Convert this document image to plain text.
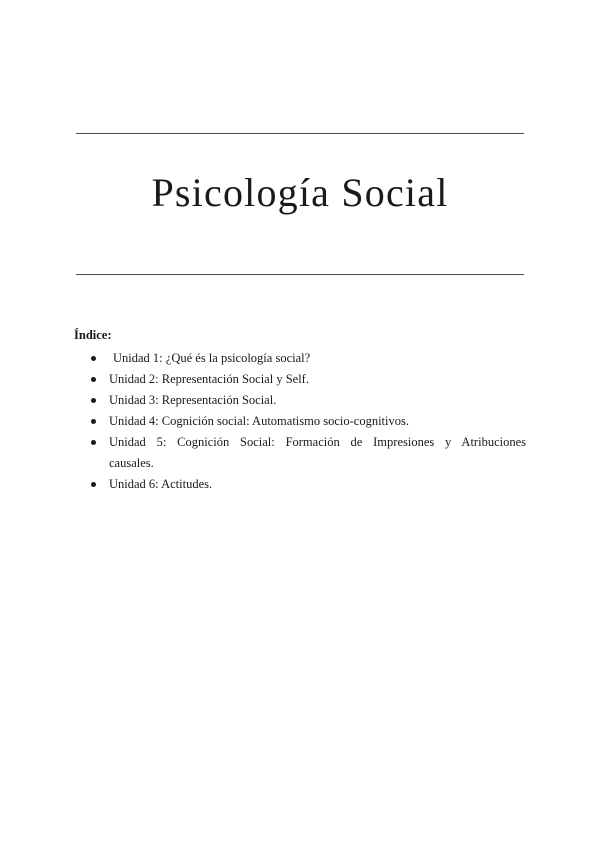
Psicología Social

Índice:

Unidad 1: ¿Qué és la psicología social?
Unidad 2: Representación Social y Self.
Unidad 3: Representación Social.
Unidad 4: Cognición social: Automatismo socio-cognitivos.
Unidad 5: Cognición Social: Formación de Impresiones y Atribuciones
causales.
Unidad 6: Actitudes.
